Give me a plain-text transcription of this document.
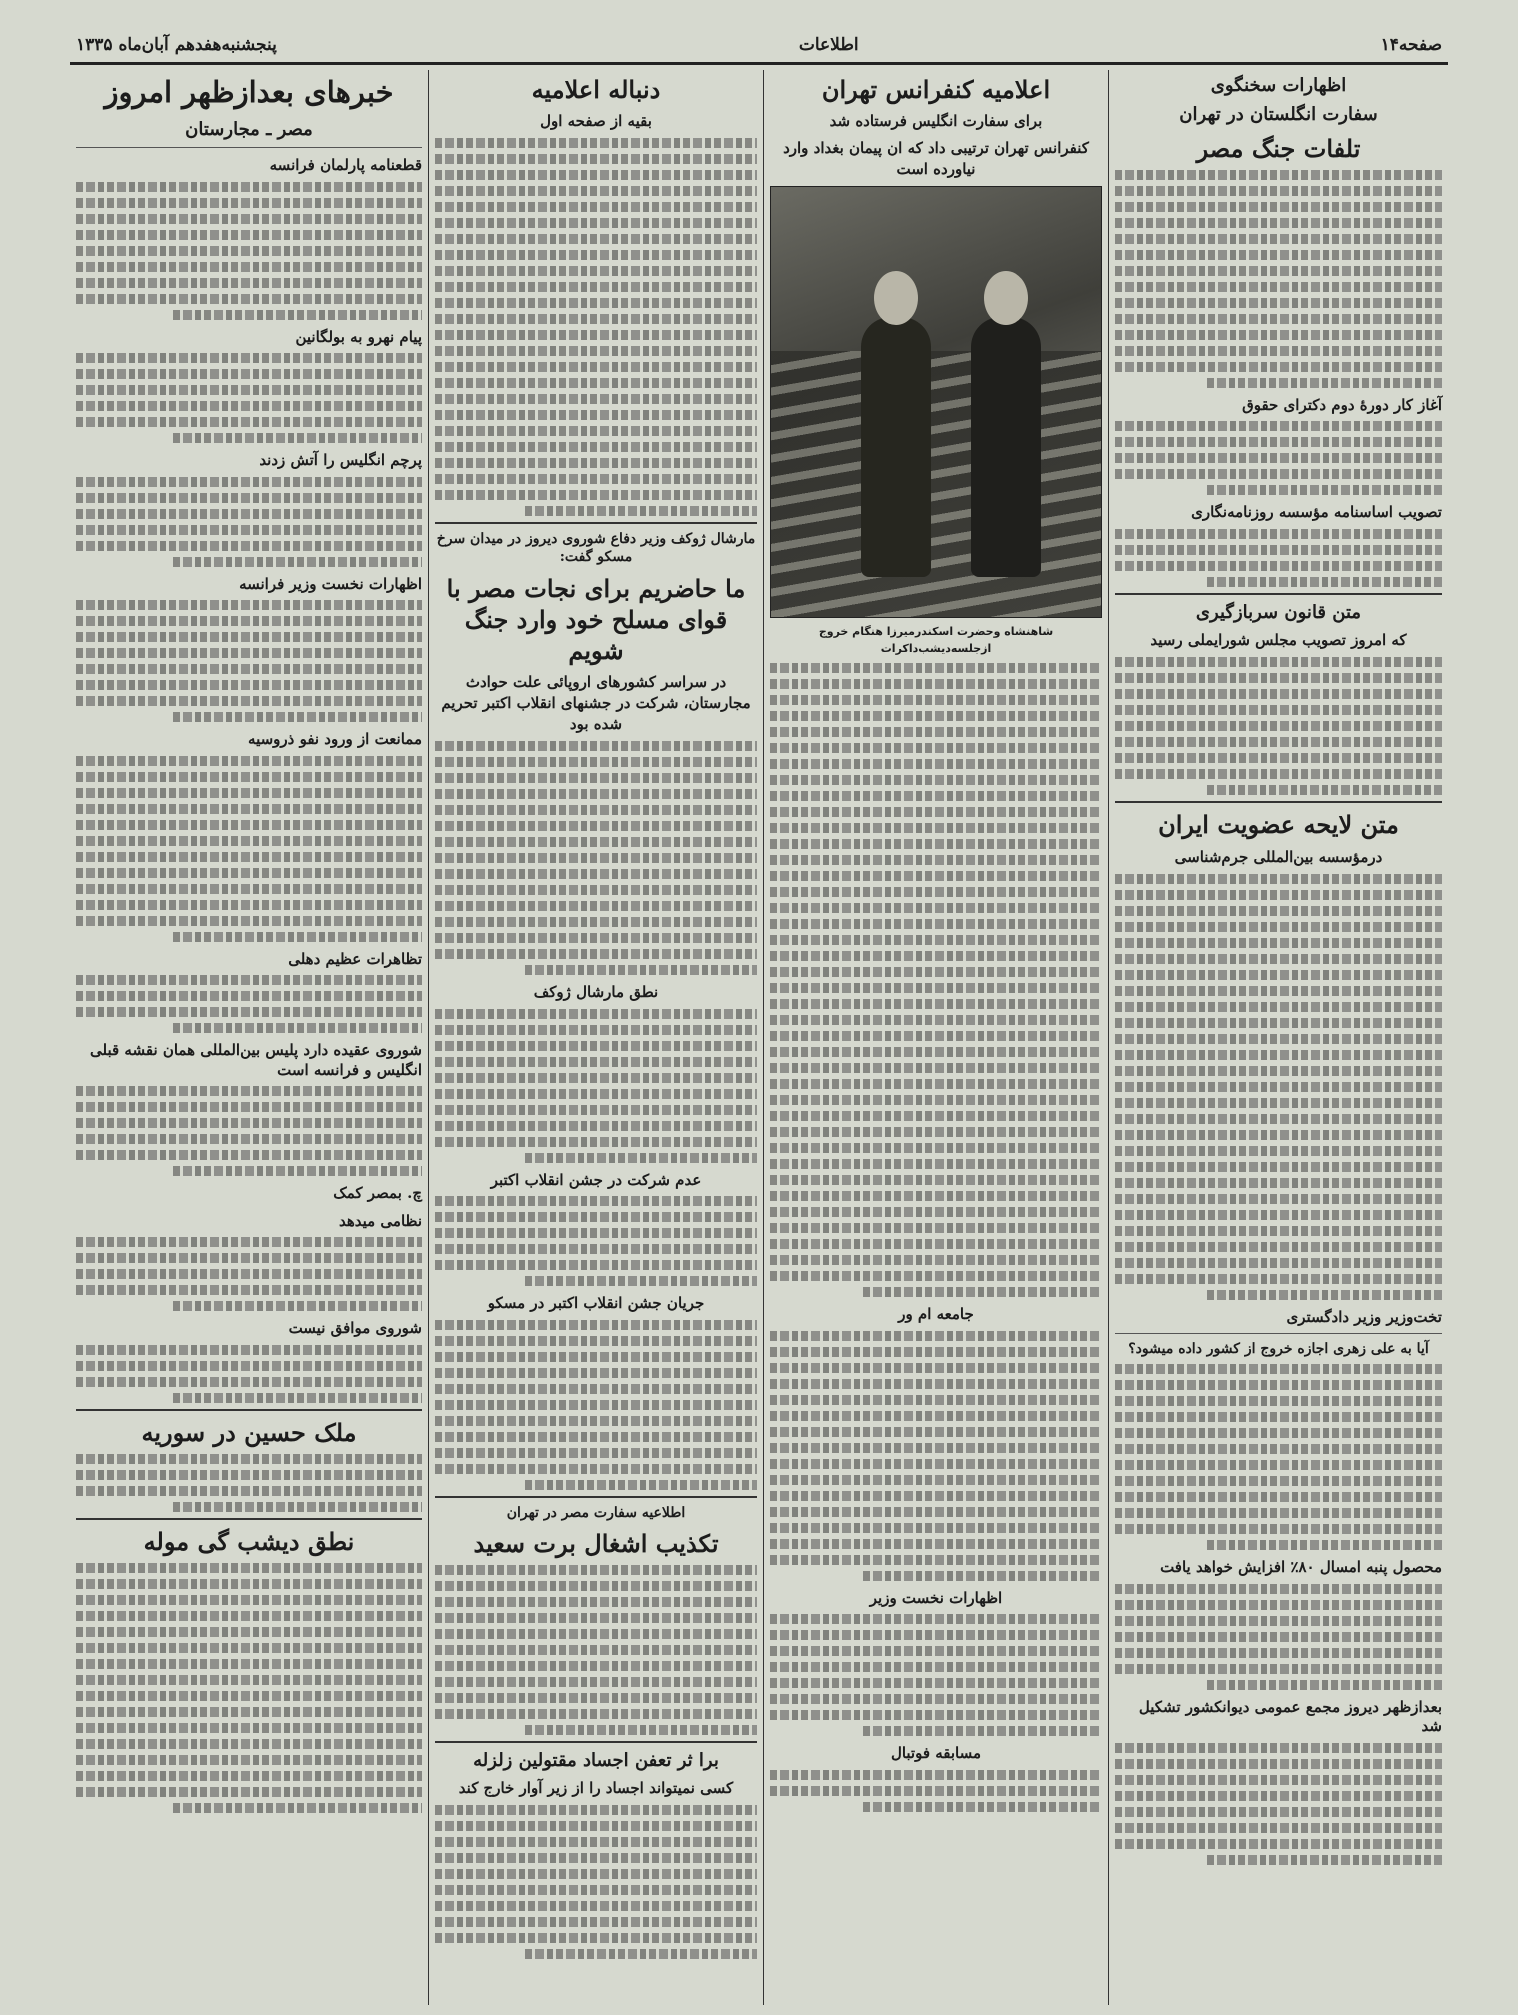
صفحه۱۴
اطلاعات
پنجشنبه‌هفدهم آبان‌ماه ۱۳۳۵
اظهارات سخنگوی
سفارت انگلستان در تهران
تلفات جنگ مصر
آغاز کار دورهٔ دوم دکترای حقوق
تصویب اساسنامه مؤسسه روزنامه‌نگاری
متن قانون سربازگیری
که امروز تصویب مجلس شورایملی رسید
متن لایحه عضویت ایران
درمؤسسه بین‌المللی جرم‌شناسی
تخت‌وزیر وزیر دادگستری
آیا به علی زهری اجازه خروج از کشور داده میشود؟
محصول پنبه امسال ۸۰٪ افزایش خواهد یافت
بعدازظهر دیروز مجمع عمومی دیوانکشور تشکیل شد
اعلامیه کنفرانس تهران
برای سفارت انگلیس فرستاده شد
کنفرانس تهران ترتیبی داد که ان پیمان بغداد وارد نیاورده است
شاهنشاه وحضرت اسکندرمیرزا هنگام خروج ازجلسه‌دیشب‌داکرات
جامعه ام ور
اظهارات نخست وزیر
مسابقه فوتبال
دنباله اعلامیه
بقیه از صفحه اول
مارشال ژوکف وزیر دفاع شوروی دیروز در میدان سرخ مسکو گفت:
ما حاضریم برای نجات مصر با قوای مسلح خود وارد جنگ شویم
در سراسر کشورهای اروپائی علت حوادث مجارستان، شرکت در جشنهای انقلاب اکتبر تحریم شده بود
نطق مارشال ژوکف
عدم شرکت در جشن انقلاب اکتبر
جریان جشن انقلاب اکتبر در مسکو
اطلاعیه سفارت مصر در تهران
تکذیب اشغال برت سعید
برا ثر تعفن اجساد مقتولین زلزله
کسی نمیتواند اجساد را از زیر آوار خارج کند
خبرهای بعدازظهر امروز
مصر ـ مجارستان
قطعنامه پارلمان فرانسه
پیام نهرو به بولگانین
پرچم انگلیس را آتش زدند
اظهارات نخست وزیر فرانسه
ممانعت از ورود نفو ذروسیه
تظاهرات عظیم دهلی
شوروی عقیده دارد پلیس بین‌المللی همان نقشه قبلی انگلیس و فرانسه است
چ. بمصر کمک
نظامی میدهد
شوروی موافق نیست
ملک حسین در سوریه
نطق دیشب گی موله
